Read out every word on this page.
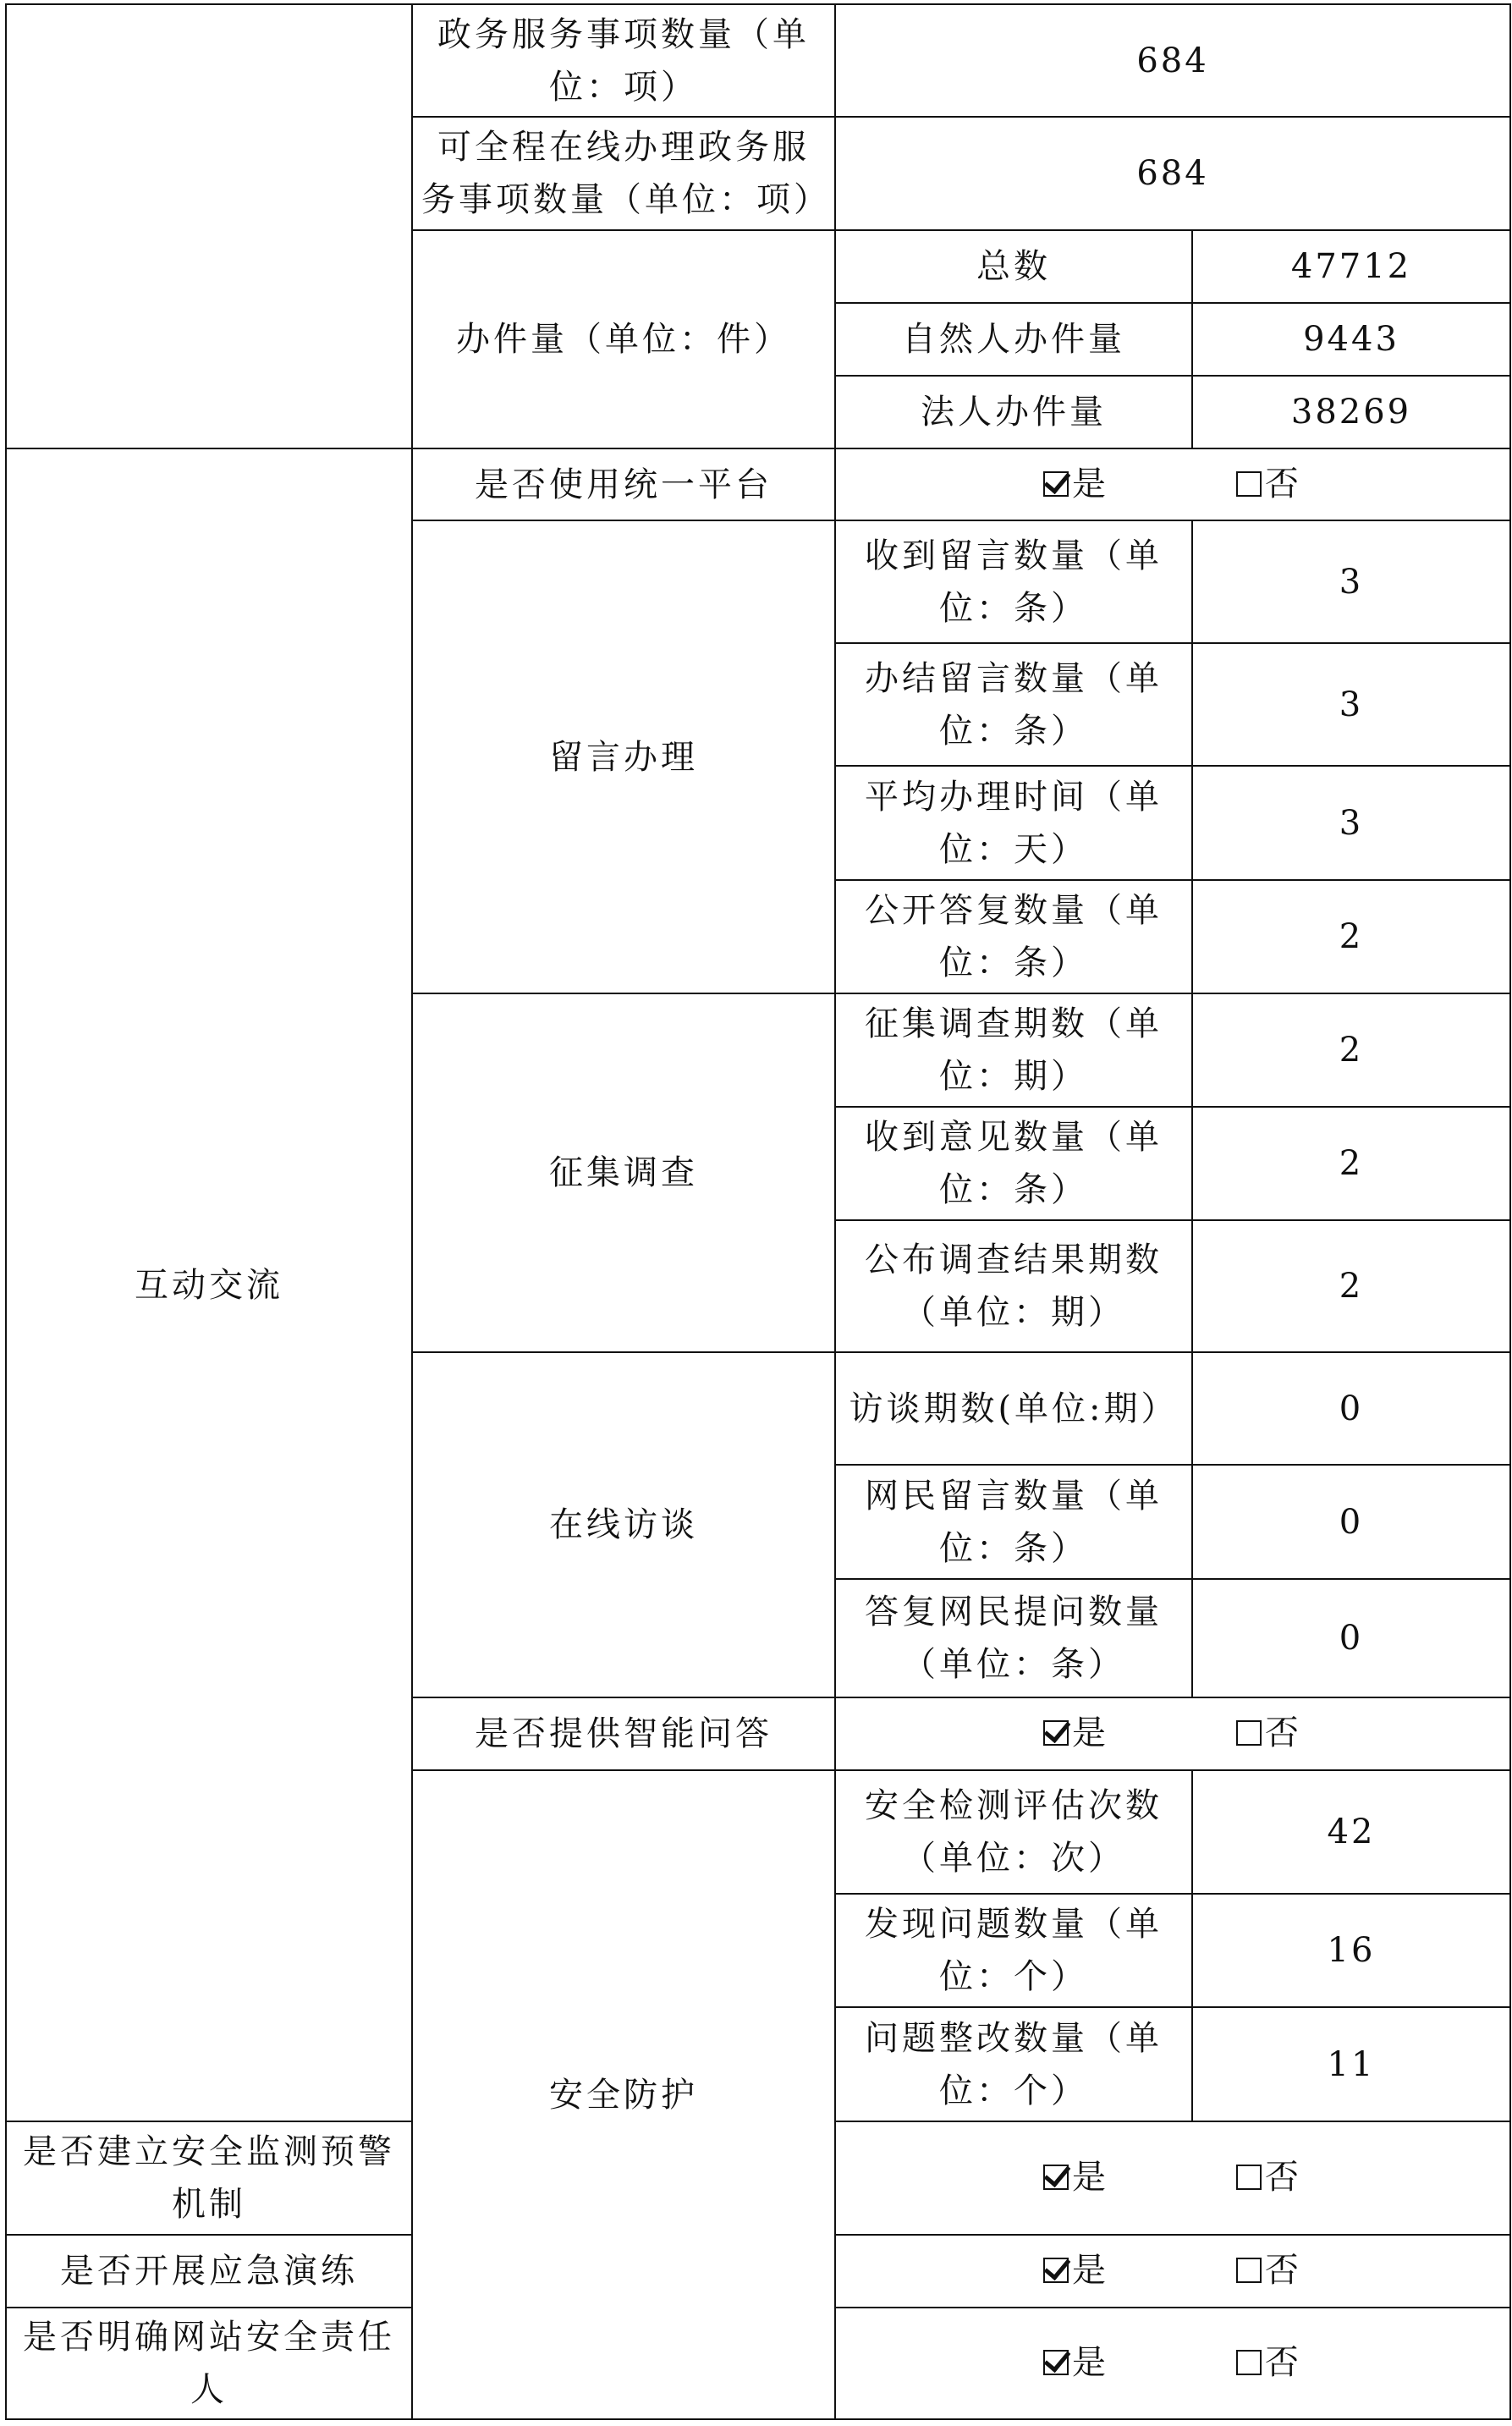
	政务服务事项数量（单位：项）	684	
	可全程在线办理政务服务事项数量（单位：项）	684	
	办件量（单位：件）	总数	47712
		自然人办件量	9443
		法人办件量	38269
互动交流	是否使用统一平台	是 否	

	留言办理	收到留言数量（单位：条）	3
		办结留言数量（单位：条）	3
		平均办理时间（单位：天）	3
		公开答复数量（单位：条）	2
	征集调查	征集调查期数（单位：期）	2
		收到意见数量（单位：条）	2
		公布调查结果期数（单位：期）	2
	在线访谈	访谈期数(单位:期）	0
		网民留言数量（单位：条）	0
		答复网民提问数量（单位：条）	0
	是否提供智能问答	是 否	

	安全防护	安全检测评估次数（单位：次）	42
		发现问题数量（单位：个）	16
		问题整改数量（单位：个）	11
是否建立安全监测预警机制		是 否	

是否开展应急演练		是 否	

是否明确网站安全责任人		是 否	
